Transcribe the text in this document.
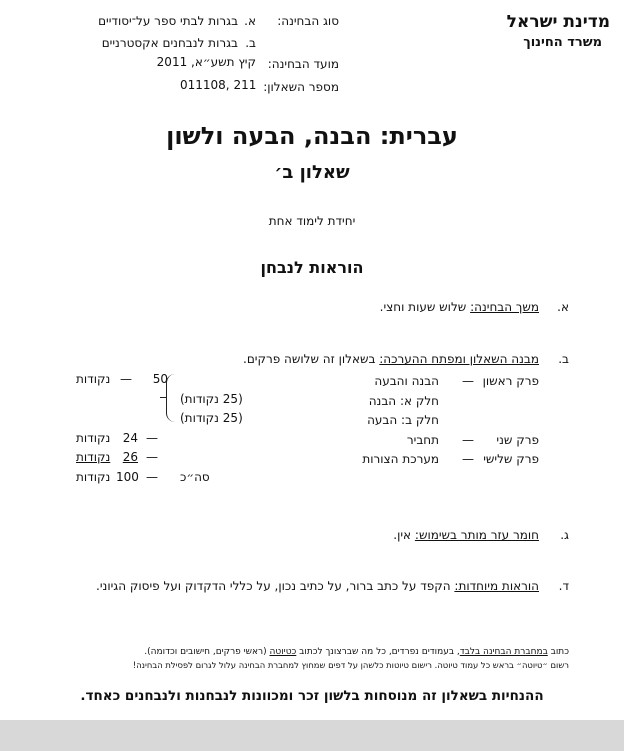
מדינת ישראל
משרד החינוך
סוג הבחינה:
א.
בגרות לבתי ספר על־יסודיים
ב.
בגרות לנבחנים אקסטרניים
מועד הבחינה:
קיץ תשע״א, 2011
מספר השאלון:
011108, 211
עברית: הבנה, הבעה ולשון
שאלון ב׳
יחידת לימוד אחת
הוראות לנבחן
א.
משך הבחינה: שלוש שעות וחצי.
ב.
מבנה השאלון ומפתח ההערכה: בשאלון זה שלושה פרקים.
פרק ראשון
—
הבנה והבעה
—	50
נקודות
חלק א: הבנה
(25 נקודות)
חלק ב: הבעה
(25 נקודות)
פרק שני
—
תחביר
—
24
נקודות
פרק שלישי
—
מערכת הצורות
—
26
נקודות
סה״כ
—
100
נקודות
ג.
חומר עזר מותר בשימוש: אין.
ד.
הוראות מיוחדות: הקפד על כתב ברור, על כתיב נכון, על כללי הדקדוק ועל פיסוק הגיוני.
כתוב במחברת הבחינה בלבד, בעמודים נפרדים, כל מה שברצונך לכתוב כטיוטה (ראשי פרקים, חישובים וכדומה).
רשום ״טיוטה״ בראש כל עמוד טיוטה. רישום טיוטות כלשהן על דפים שמחוץ למחברת הבחינה עלול לגרום לפסילת הבחינה!
ההנחיות בשאלון זה מנוסחות בלשון זכר ומכוונות לנבחנות ולנבחנים כאחד.
